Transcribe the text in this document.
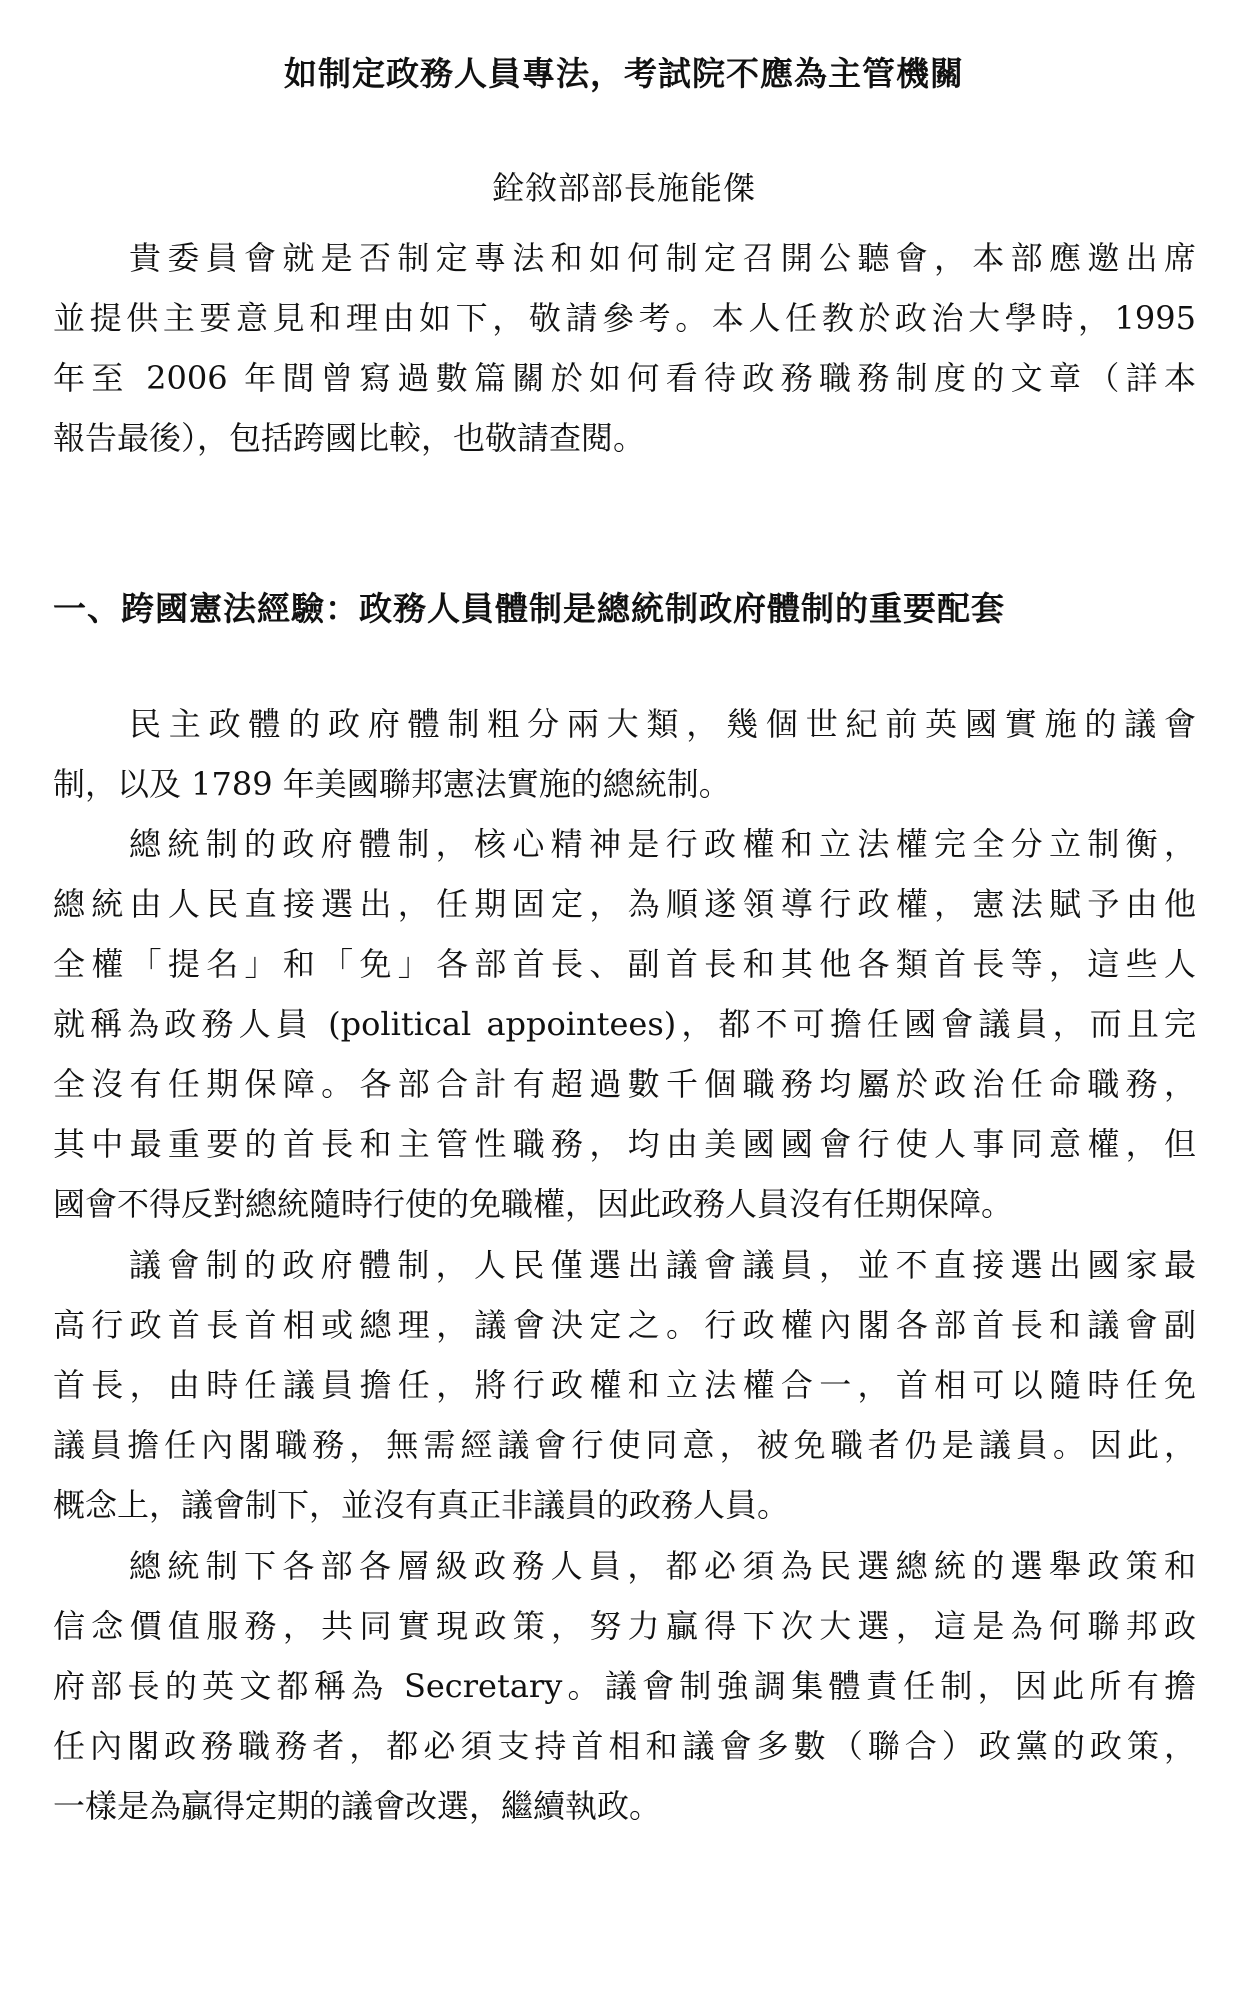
如制定政務人員專法，考試院不應為主管機關
銓敘部部長施能傑
貴委員會就是否制定專法和如何制定召開公聽會，本部應邀出席
並提供主要意見和理由如下，敬請參考。本人任教於政治大學時，1995
年至 2006 年間曾寫過數篇關於如何看待政務職務制度的文章（詳本
報告最後），包括跨國比較，也敬請查閱。
一、跨國憲法經驗：政務人員體制是總統制政府體制的重要配套
民主政體的政府體制粗分兩大類，幾個世紀前英國實施的議會
制，以及 1789 年美國聯邦憲法實施的總統制。
總統制的政府體制，核心精神是行政權和立法權完全分立制衡，
總統由人民直接選出，任期固定，為順遂領導行政權，憲法賦予由他
全權「提名」和「免」各部首長、副首長和其他各類首長等，這些人
就稱為政務人員 (political appointees)，都不可擔任國會議員，而且完
全沒有任期保障。各部合計有超過數千個職務均屬於政治任命職務，
其中最重要的首長和主管性職務，均由美國國會行使人事同意權，但
國會不得反對總統隨時行使的免職權，因此政務人員沒有任期保障。
議會制的政府體制，人民僅選出議會議員，並不直接選出國家最
高行政首長首相或總理，議會決定之。行政權內閣各部首長和議會副
首長，由時任議員擔任，將行政權和立法權合一，首相可以隨時任免
議員擔任內閣職務，無需經議會行使同意，被免職者仍是議員。因此，
概念上，議會制下，並沒有真正非議員的政務人員。
總統制下各部各層級政務人員，都必須為民選總統的選舉政策和
信念價值服務，共同實現政策，努力贏得下次大選，這是為何聯邦政
府部長的英文都稱為 Secretary。議會制強調集體責任制，因此所有擔
任內閣政務職務者，都必須支持首相和議會多數（聯合）政黨的政策，
一樣是為贏得定期的議會改選，繼續執政。
